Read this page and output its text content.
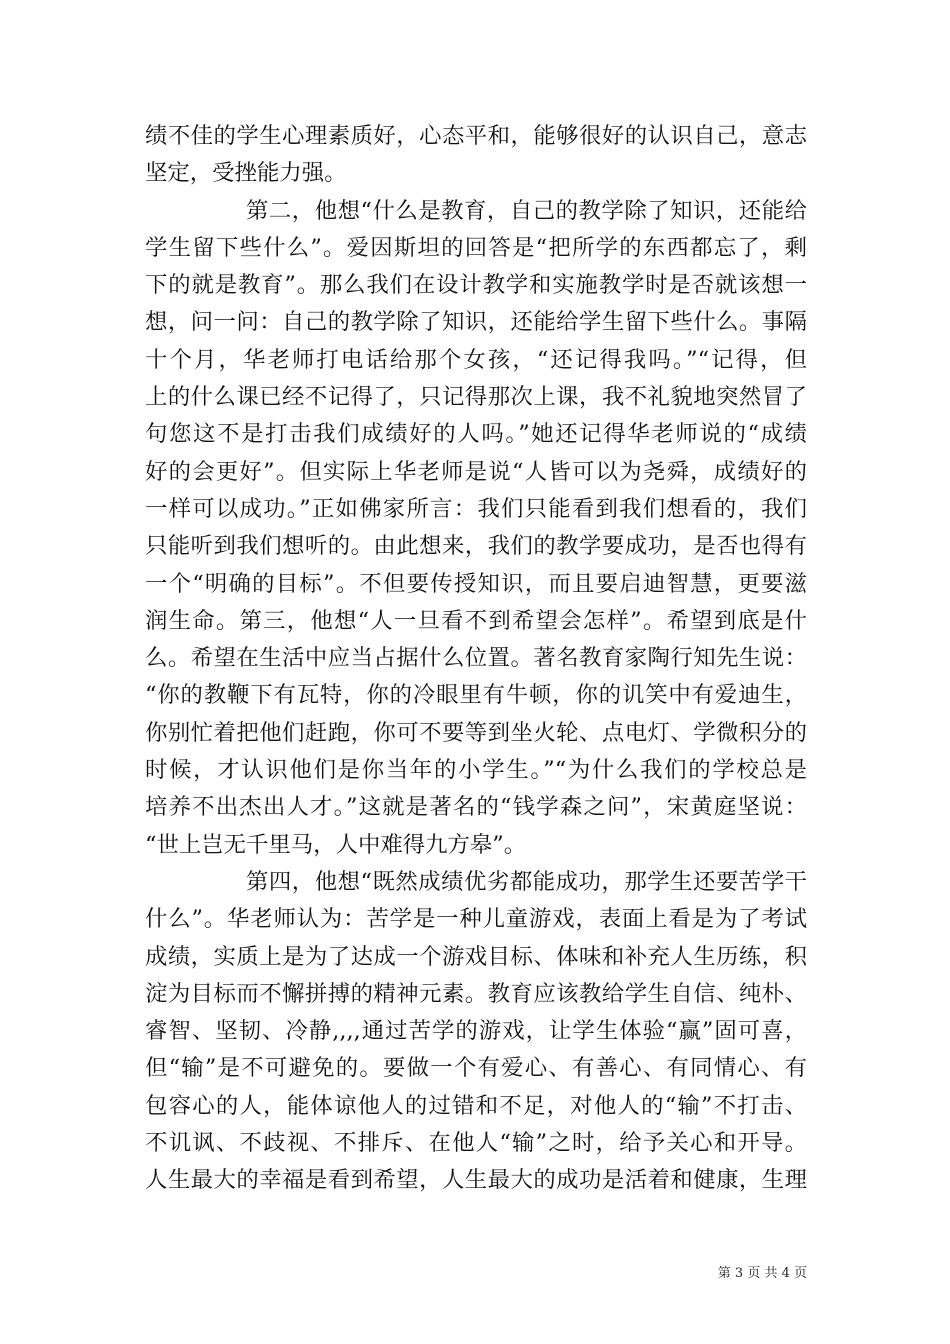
绩不佳的学生心理素质好，心态平和，能够很好的认识自己，意志
坚定，受挫能力强。
第二，他想“什么是教育，自己的教学除了知识，还能给
学生留下些什么”。爱因斯坦的回答是“把所学的东西都忘了，剩
下的就是教育”。那么我们在设计教学和实施教学时是否就该想一
想，问一问：自己的教学除了知识，还能给学生留下些什么。事隔
十个月，华老师打电话给那个女孩，“还记得我吗。”“记得，但
上的什么课已经不记得了，只记得那次上课，我不礼貌地突然冒了
句您这不是打击我们成绩好的人吗。”她还记得华老师说的“成绩
好的会更好”。但实际上华老师是说“人皆可以为尧舜，成绩好的
一样可以成功。”正如佛家所言：我们只能看到我们想看的，我们
只能听到我们想听的。由此想来，我们的教学要成功，是否也得有
一个“明确的目标”。不但要传授知识，而且要启迪智慧，更要滋
润生命。第三，他想“人一旦看不到希望会怎样”。希望到底是什
么。希望在生活中应当占据什么位置。著名教育家陶行知先生说：
“你的教鞭下有瓦特，你的冷眼里有牛顿，你的讥笑中有爱迪生，
你别忙着把他们赶跑，你可不要等到坐火轮、点电灯、学微积分的
时候，才认识他们是你当年的小学生。”“为什么我们的学校总是
培养不出杰出人才。”这就是著名的“钱学森之问”，宋黄庭坚说：
“世上岂无千里马，人中难得九方皋”。
第四，他想“既然成绩优劣都能成功，那学生还要苦学干
什么”。华老师认为：苦学是一种儿童游戏，表面上看是为了考试
成绩，实质上是为了达成一个游戏目标、体味和补充人生历练，积
淀为目标而不懈拼搏的精神元素。教育应该教给学生自信、纯朴、
睿智、坚韧、冷静,,,,通过苦学的游戏，让学生体验“赢”固可喜，
但“输”是不可避免的。要做一个有爱心、有善心、有同情心、有
包容心的人，能体谅他人的过错和不足，对他人的“输”不打击、
不讥讽、不歧视、不排斥、在他人“输”之时，给予关心和开导。
人生最大的幸福是看到希望，人生最大的成功是活着和健康，生理
第 3 页 共 4 页
